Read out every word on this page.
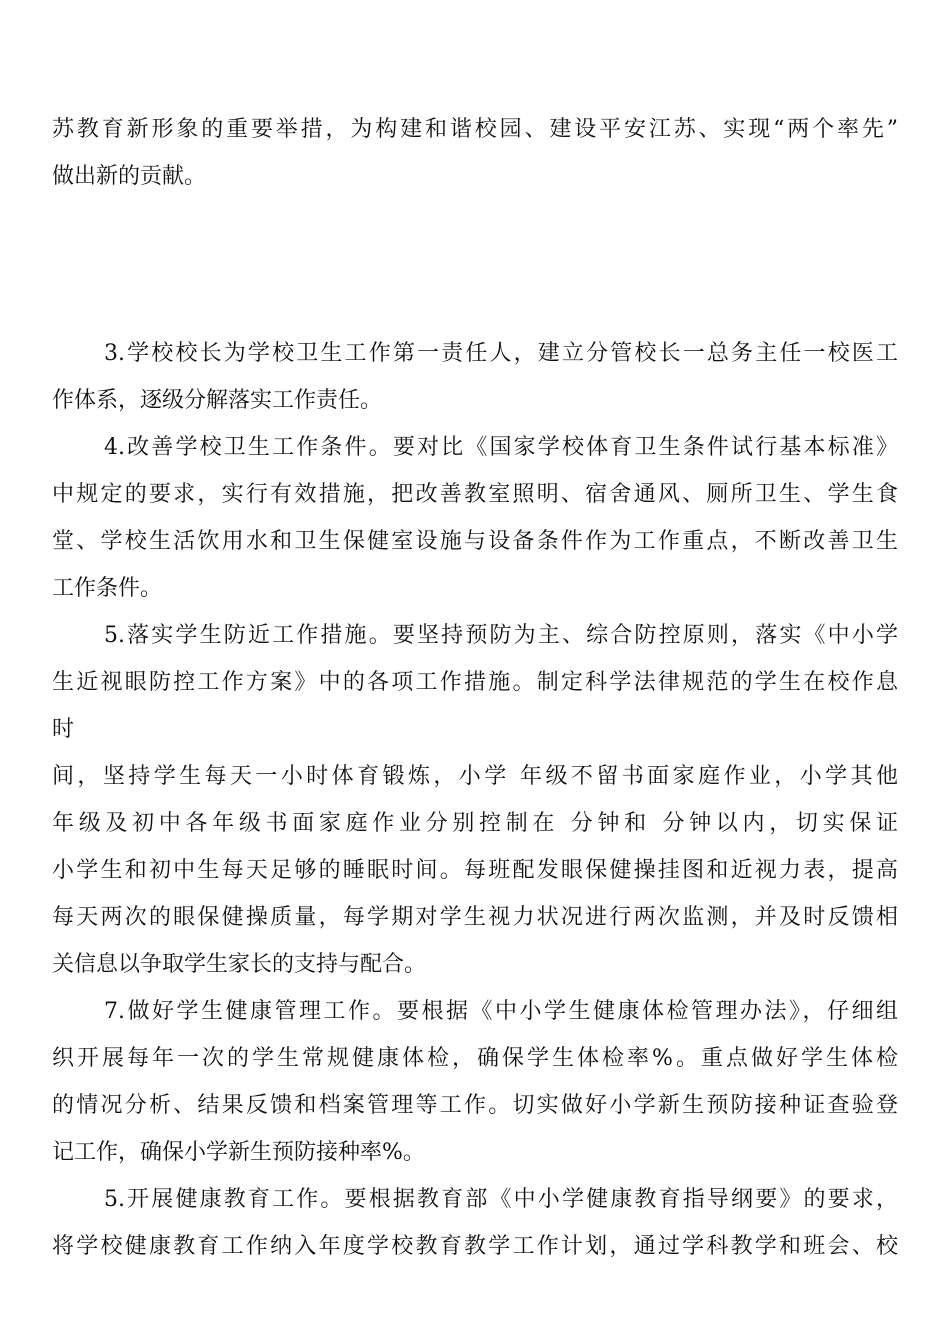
苏教育新形象的重要举措，为构建和谐校园、建设平安江苏、实现“两个率先”
做出新的贡献。
3.学校校长为学校卫生工作第一责任人，建立分管校长一总务主任一校医工
作体系，逐级分解落实工作责任。
4.改善学校卫生工作条件。要对比《国家学校体育卫生条件试行基本标准》
中规定的要求，实行有效措施，把改善教室照明、宿舍通风、厕所卫生、学生食
堂、学校生活饮用水和卫生保健室设施与设备条件作为工作重点，不断改善卫生
工作条件。
5.落实学生防近工作措施。要坚持预防为主、综合防控原则，落实《中小学
生近视眼防控工作方案》中的各项工作措施。制定科学法律规范的学生在校作息
时
间，坚持学生每天一小时体育锻炼，小学 年级不留书面家庭作业，小学其他
年级及初中各年级书面家庭作业分别控制在 分钟和 分钟以内，切实保证
小学生和初中生每天足够的睡眠时间。每班配发眼保健操挂图和近视力表，提高
每天两次的眼保健操质量，每学期对学生视力状况进行两次监测，并及时反馈相
关信息以争取学生家长的支持与配合。
7.做好学生健康管理工作。要根据《中小学生健康体检管理办法》，仔细组
织开展每年一次的学生常规健康体检，确保学生体检率%。重点做好学生体检
的情况分析、结果反馈和档案管理等工作。切实做好小学新生预防接种证查验登
记工作，确保小学新生预防接种率%。
5.开展健康教育工作。要根据教育部《中小学健康教育指导纲要》的要求，
将学校健康教育工作纳入年度学校教育教学工作计划，通过学科教学和班会、校
